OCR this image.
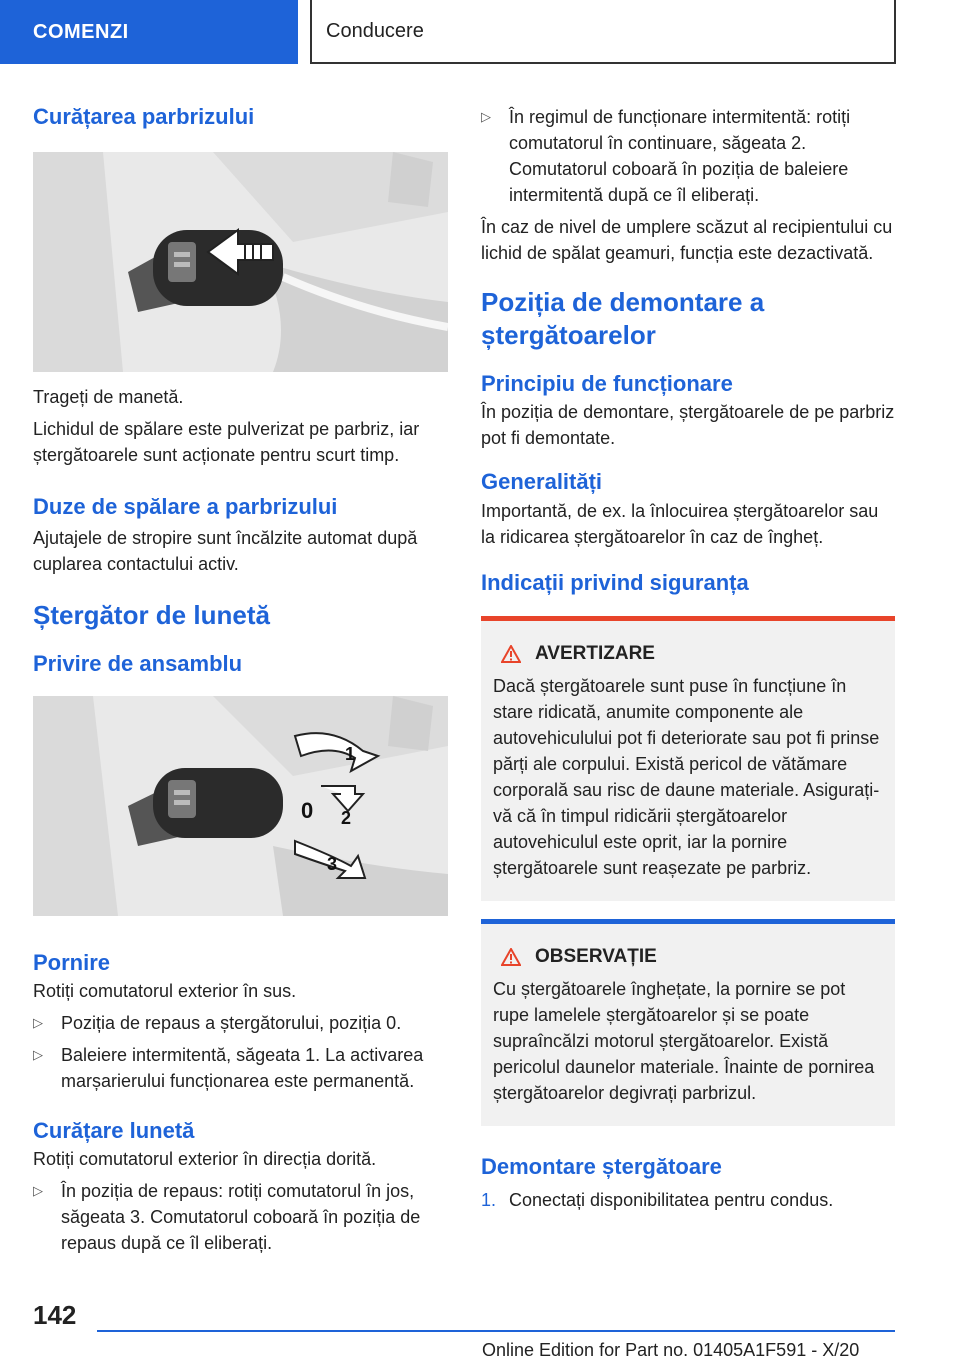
COMENZI	Conducere
Curățarea parbrizului

Trageți de manetă.

Lichidul de spălare este pulverizat pe parbriz, iar ștergătoarele sunt acționate pentru scurt timp.

Duze de spălare a parbrizului

Ajutajele de stropire sunt încălzite automat după cuplarea contactului activ.

Ștergător de lunetă
Privire de ansamblu
0
1
2
3
Pornire

Rotiți comutatorul exterior în sus.

▷	Poziția de repaus a ștergătorului, poziția 0.
▷	Baleiere intermitentă, săgeata 1. La activarea marșarierului funcționarea este permanentă.
Curățare lunetă

Rotiți comutatorul exterior în direcția dorită.

▷	În poziția de repaus: rotiți comutatorul în jos, săgeata 3. Comutatorul coboară în poziția de repaus după ce îl eliberați.
▷	În regimul de funcționare intermitentă: rotiți comutatorul în continuare, săgeata 2. Comutatorul coboară în poziția de baleiere intermitentă după ce îl eliberați.

În caz de nivel de umplere scăzut al recipientului cu lichid de spălat geamuri, funcția este dezactivată.

Poziția de demontare a ștergătoarelor
Principiu de funcționare

În poziția de demontare, ștergătoarele de pe parbriz pot fi demontate.

Generalități

Importantă, de ex. la înlocuirea ștergătoarelor sau la ridicarea ștergătoarelor în caz de îngheț.

Indicații privind siguranța
AVERTIZARE

Dacă ștergătoarele sunt puse în funcțiune în stare ridicată, anumite componente ale autovehiculului pot fi deteriorate sau pot fi prinse părți ale corpului. Există pericol de vătămare corporală sau risc de daune materiale. Asigurați-vă că în timpul ridicării ștergătoarelor autovehiculul este oprit, iar la pornire ștergătoarele sunt reașezate pe parbriz.

OBSERVAȚIE

Cu ștergătoarele înghețate, la pornire se pot rupe lamelele ștergătoarelor și se poate supraîncălzi motorul ștergătoarelor. Există pericolul daunelor materiale. Înainte de pornirea ștergătoarelor degivrați parbrizul.

Demontare ștergătoare
1. Conectați disponibilitatea pentru condus.
142
Online Edition for Part no. 01405A1F591 - X/20
